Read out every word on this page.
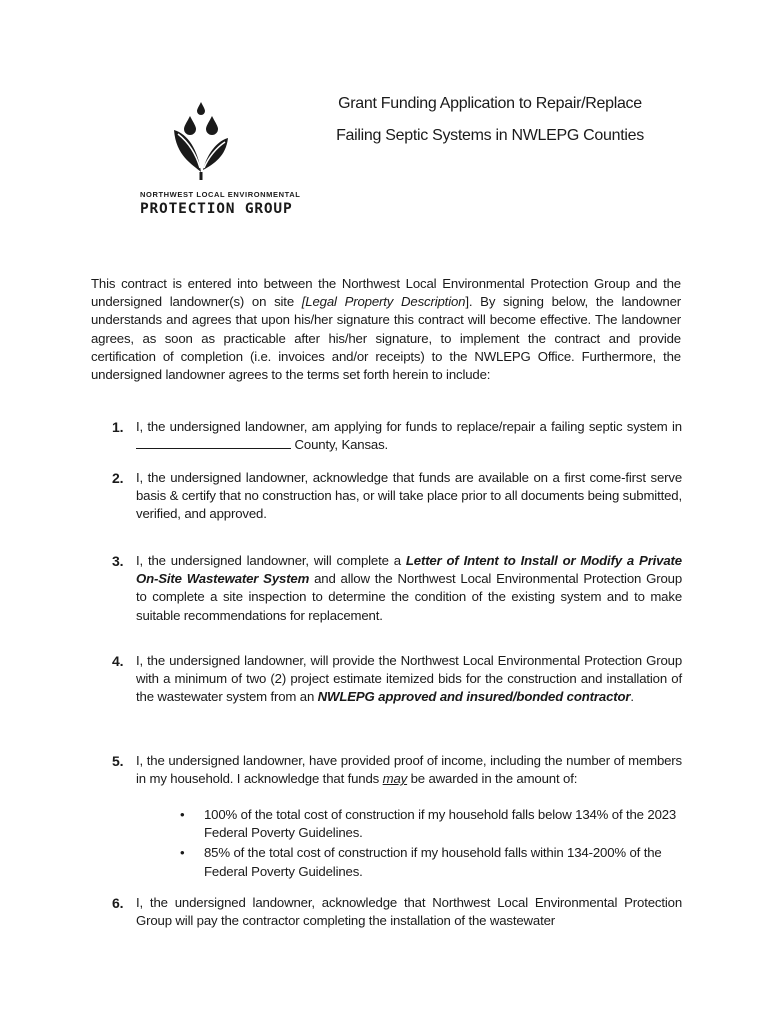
NORTHWEST LOCAL ENVIRONMENTAL
PROTECTION GROUP
Grant Funding Application to Repair/Replace
Failing Septic Systems in NWLEPG Counties
This contract is entered into between the Northwest Local Environmental Protection Group and the undersigned landowner(s) on site [Legal Property Description]. By signing below, the landowner understands and agrees that upon his/her signature this contract will become effective. The landowner agrees, as soon as practicable after his/her signature, to implement the contract and provide certification of completion (i.e. invoices and/or receipts) to the NWLEPG Office. Furthermore, the undersigned landowner agrees to the terms set forth herein to include:
1. I, the undersigned landowner, am applying for funds to replace/repair a failing septic system in  County, Kansas.
2. I, the undersigned landowner, acknowledge that funds are available on a first come-first serve basis & certify that no construction has, or will take place prior to all documents being submitted, verified, and approved.
3. I, the undersigned landowner, will complete a Letter of Intent to Install or Modify a Private On-Site Wastewater System and allow the Northwest Local Environmental Protection Group to complete a site inspection to determine the condition of the existing system and to make suitable recommendations for replacement.
4. I, the undersigned landowner, will provide the Northwest Local Environmental Protection Group with a minimum of two (2) project estimate itemized bids for the construction and installation of the wastewater system from an NWLEPG approved and insured/bonded contractor.
5. I, the undersigned landowner, have provided proof of income, including the number of members in my household. I acknowledge that funds may be awarded in the amount of:
• 100% of the total cost of construction if my household falls below 134% of the 2023 Federal Poverty Guidelines.
• 85% of the total cost of construction if my household falls within 134-200% of the Federal Poverty Guidelines.
6. I, the undersigned landowner, acknowledge that Northwest Local Environmental Protection Group will pay the contractor completing the installation of the wastewater
